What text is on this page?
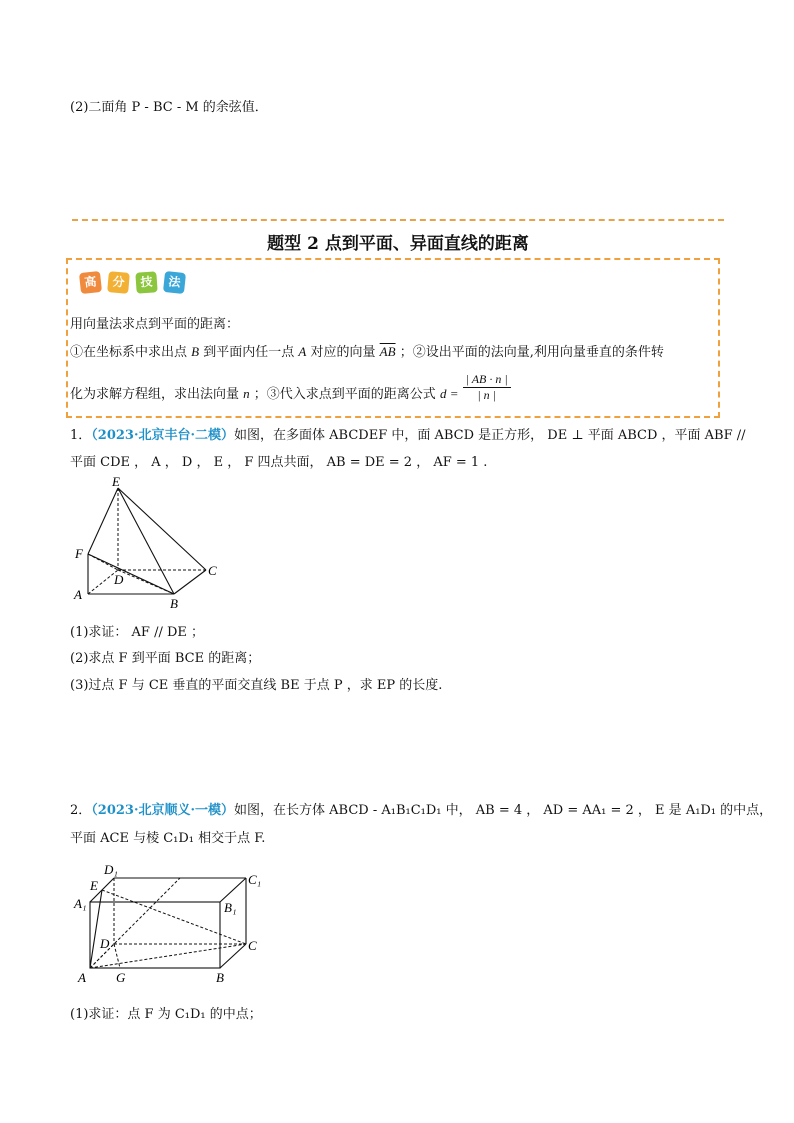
(2)二面角 P - BC - M 的余弦值．
题型 2 点到平面、异面直线的距离
高	分	技	法
用向量法求点到平面的距离：
①在坐标系中求出点 B 到平面内任一点 A 对应的向量 $\overline{AB}$ ；②设出平面的法向量,利用向量垂直的条件转
化为求解方程组，求出法向量 n ；③代入求点到平面的距离公式 $d = \frac{| AB \cdot n |}{| n |}$
1．（2023·北京丰台·二模）如图，在多面体 ABCDEF 中，面 ABCD 是正方形， DE ⊥ 平面 ABCD ，平面 ABF //
平面 CDE ， A ， D ， E ， F 四点共面， AB = DE = 2 ， AF = 1 .
E
F
D
C
A
B
(1)求证： AF // DE ；
(2)求点 F 到平面 BCE 的距离；
(3)过点 F 与 CE 垂直的平面交直线 BE 于点 P ，求 EP 的长度.
2．（2023·北京顺义·一模）如图，在长方体 ABCD - A₁B₁C₁D₁ 中， AB = 4 ， AD = AA₁ = 2 ， E 是 A₁D₁ 的中点，
平面 ACE 与棱 C₁D₁ 相交于点 F.
D₁
C₁
E
A₁	B₁
D	C
A G	B
(1)求证：点 F 为 C₁D₁ 的中点；
